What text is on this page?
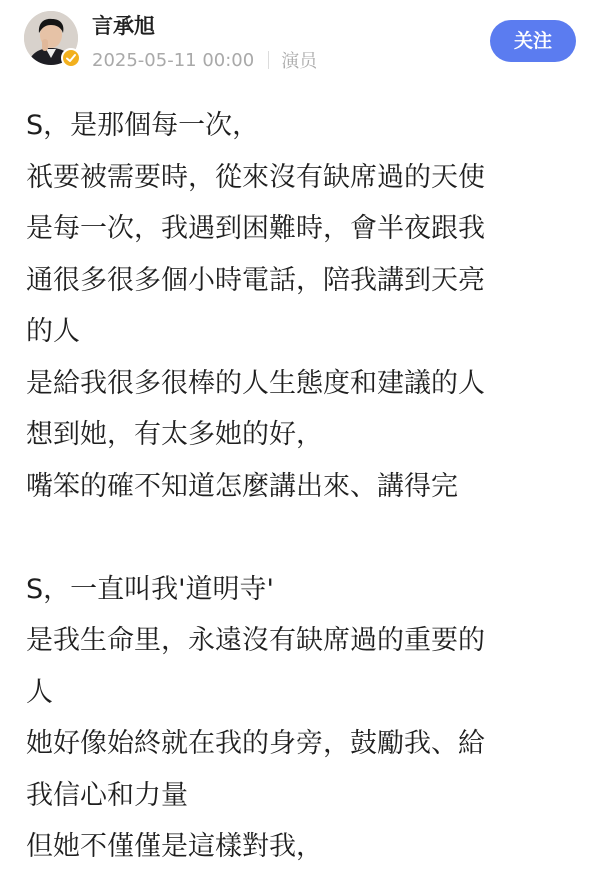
言承旭
2025-05-11 00:00 演员
关注
S，是那個每一次，
祇要被需要時，從來沒有缺席過的天使
是每一次，我遇到困難時，會半夜跟我
通很多很多個小時電話，陪我講到天亮
的人
是給我很多很棒的人生態度和建議的人
想到她，有太多她的好，
嘴笨的確不知道怎麼講出來、講得完
S，一直叫我'道明寺'
是我生命里，永遠沒有缺席過的重要的
人
她好像始終就在我的身旁，鼓勵我、給
我信心和力量
但她不僅僅是這樣對我，
